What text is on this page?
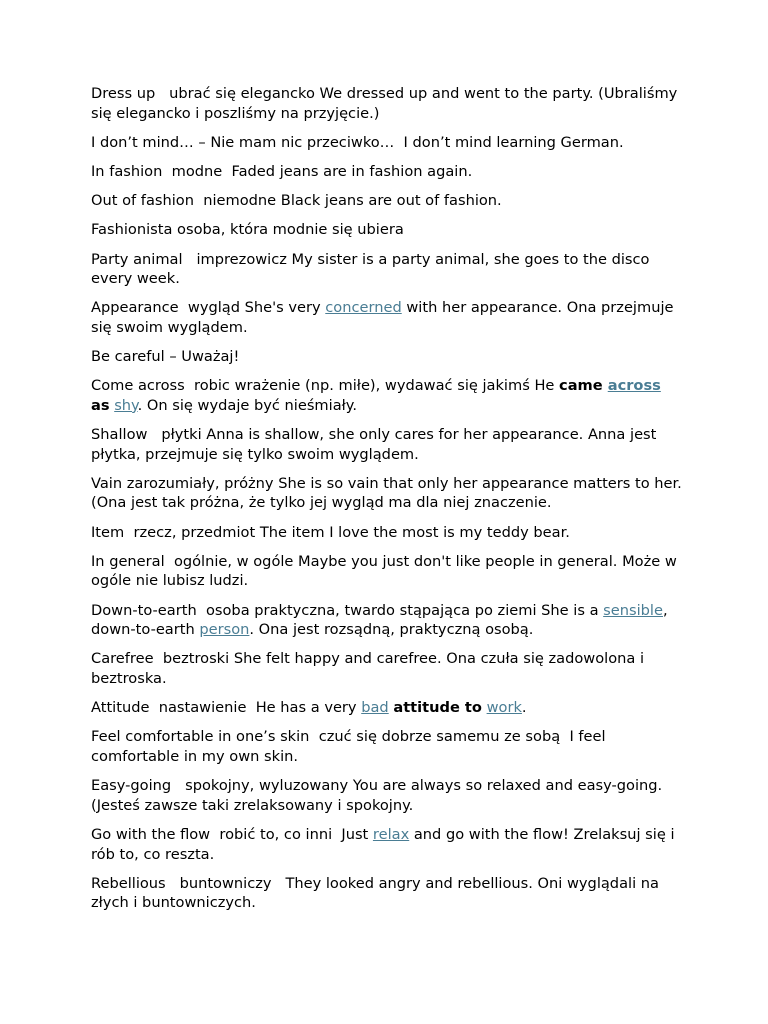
Dress up   ubrać się elegancko We dressed up and went to the party. (Ubraliśmy się elegancko i poszliśmy na przyjęcie.)

I don’t mind… – Nie mam nic przeciwko…  I don’t mind learning German.

In fashion  modne  Faded jeans are in fashion again.

Out of fashion  niemodne Black jeans are out of fashion.

Fashionista osoba, która modnie się ubiera

Party animal   imprezowicz My sister is a party animal, she goes to the disco every week.

Appearance  wygląd She's very concerned with her appearance. Ona przejmuje się swoim wyglądem.

Be careful – Uważaj!

Come across  robic wrażenie (np. miłe), wydawać się jakimś He came across as shy. On się wydaje być nieśmiały.

Shallow   płytki Anna is shallow, she only cares for her appearance. Anna jest płytka, przejmuje się tylko swoim wyglądem.

Vain zarozumiały, próżny She is so vain that only her appearance matters to her. (Ona jest tak próżna, że tylko jej wygląd ma dla niej znaczenie.

Item  rzecz, przedmiot The item I love the most is my teddy bear.

In general  ogólnie, w ogóle Maybe you just don't like people in general. Może w ogóle nie lubisz ludzi.

Down-to-earth  osoba praktyczna, twardo stąpająca po ziemi She is a sensible, down-to-earth person. Ona jest rozsądną, praktyczną osobą.

Carefree  beztroski She felt happy and carefree. Ona czuła się zadowolona i beztroska.

Attitude  nastawienie  He has a very bad attitude to work.

Feel comfortable in one’s skin  czuć się dobrze samemu ze sobą  I feel comfortable in my own skin.

Easy-going   spokojny, wyluzowany You are always so relaxed and easy-going. (Jesteś zawsze taki zrelaksowany i spokojny.

Go with the flow  robić to, co inni  Just relax and go with the flow! Zrelaksuj się i rób to, co reszta.

Rebellious   buntowniczy   They looked angry and rebellious. Oni wyglądali na złych i buntowniczych.
